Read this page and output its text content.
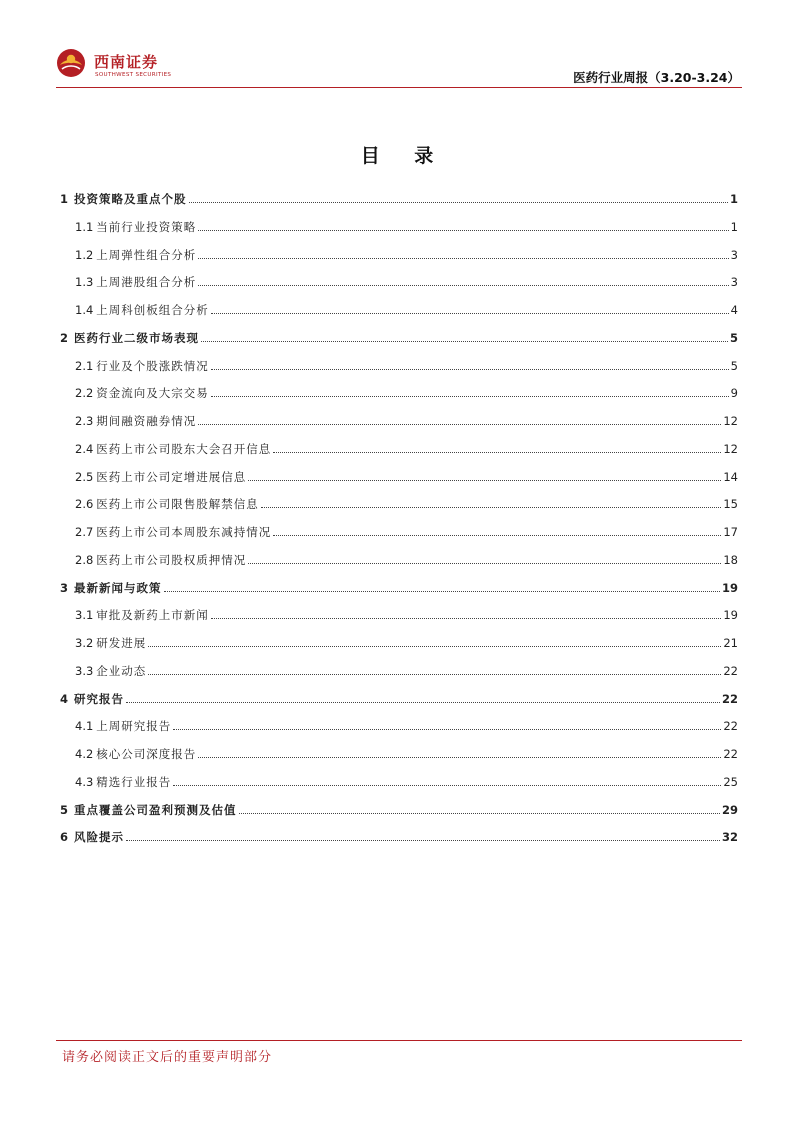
西南证券
SOUTHWEST SECURITIES	医药行业周报（3.20-3.24）
目 录
1 投资策略及重点个股	1
1.1 当前行业投资策略	1
1.2 上周弹性组合分析	3
1.3 上周港股组合分析	3
1.4 上周科创板组合分析	4
2 医药行业二级市场表现	5
2.1 行业及个股涨跌情况	5
2.2 资金流向及大宗交易	9
2.3 期间融资融券情况	12
2.4 医药上市公司股东大会召开信息	12
2.5 医药上市公司定增进展信息	14
2.6 医药上市公司限售股解禁信息	15
2.7 医药上市公司本周股东减持情况	17
2.8 医药上市公司股权质押情况	18
3 最新新闻与政策	19
3.1 审批及新药上市新闻	19
3.2 研发进展	21
3.3 企业动态	22
4 研究报告	22
4.1 上周研究报告	22
4.2 核心公司深度报告	22
4.3 精选行业报告	25
5 重点覆盖公司盈利预测及估值	29
6 风险提示	32
请务必阅读正文后的重要声明部分
